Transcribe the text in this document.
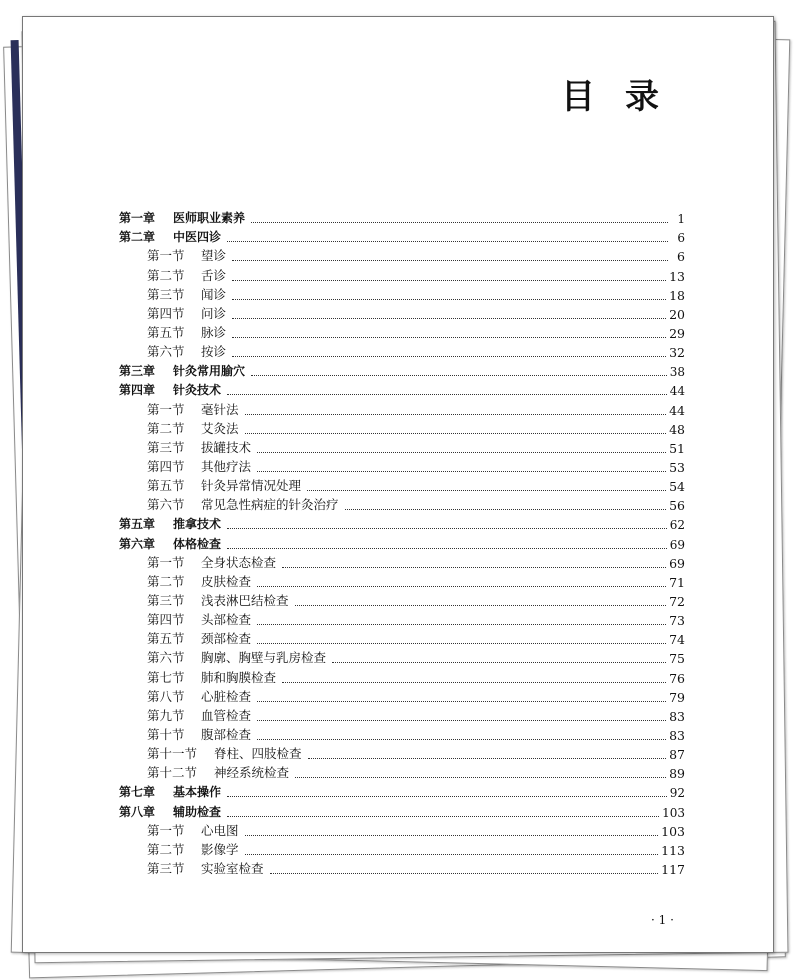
目录
第一章	医师职业素养	1
第二章	中医四诊	6
第一节	望诊	6
第二节	舌诊	13
第三节	闻诊	18
第四节	问诊	20
第五节	脉诊	29
第六节	按诊	32
第三章	针灸常用腧穴	38
第四章	针灸技术	44
第一节	毫针法	44
第二节	艾灸法	48
第三节	拔罐技术	51
第四节	其他疗法	53
第五节	针灸异常情况处理	54
第六节	常见急性病症的针灸治疗	56
第五章	推拿技术	62
第六章	体格检查	69
第一节	全身状态检查	69
第二节	皮肤检查	71
第三节	浅表淋巴结检查	72
第四节	头部检查	73
第五节	颈部检查	74
第六节	胸廓、胸壁与乳房检查	75
第七节	肺和胸膜检查	76
第八节	心脏检查	79
第九节	血管检查	83
第十节	腹部检查	83
第十一节	脊柱、四肢检查	87
第十二节	神经系统检查	89
第七章	基本操作	92
第八章	辅助检查	103
第一节	心电图	103
第二节	影像学	113
第三节	实验室检查	117
· 1 ·
